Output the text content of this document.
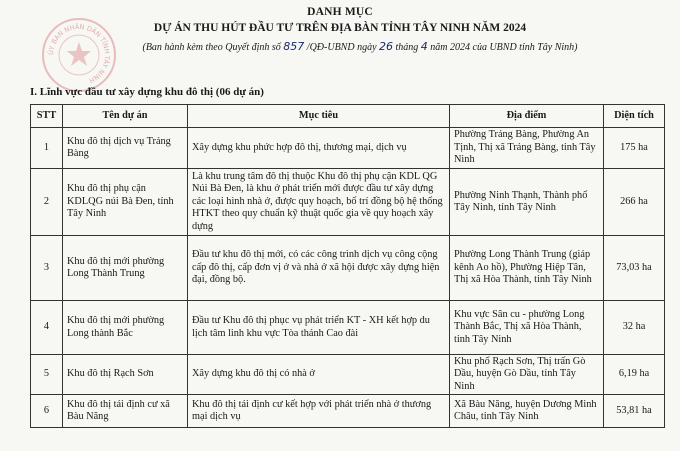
ỦY BAN NHÂN DÂN TỈNH TÂY NINH
DANH MỤC
DỰ ÁN THU HÚT ĐẦU TƯ TRÊN ĐỊA BÀN TỈNH TÂY NINH NĂM 2024
(Ban hành kèm theo Quyết định số 857 /QĐ-UBND ngày 26 tháng 4 năm 2024 của UBND tỉnh Tây Ninh)
I. Lĩnh vực đầu tư xây dựng khu đô thị (06 dự án)
STT	Tên dự án	Mục tiêu	Địa điểm	Diện tích
1	Khu đô thị dịch vụ Trảng Bàng	Xây dựng khu phức hợp đô thị, thương mại, dịch vụ	Phường Trảng Bàng, Phường An Tịnh, Thị xã Trảng Bàng, tỉnh Tây Ninh	175 ha
2	Khu đô thị phụ cận KDLQG núi Bà Đen, tỉnh Tây Ninh	Là khu trung tâm đô thị thuộc Khu đô thị phụ cận KDL QG Núi Bà Đen, là khu ở phát triển mới được đầu tư xây dựng các loại hình nhà ở, được quy hoạch, bố trí đồng bộ hệ thống HTKT theo quy chuẩn kỹ thuật quốc gia về quy hoạch xây dựng	Phường Ninh Thạnh, Thành phố Tây Ninh, tỉnh Tây Ninh	266 ha
3	Khu đô thị mới phường Long Thành Trung	Đầu tư khu đô thị mới, có các công trình dịch vụ công cộng cấp đô thị, cấp đơn vị ở và nhà ở xã hội được xây dựng hiện đại, đồng bộ.	Phường Long Thành Trung (giáp kênh Ao hồ), Phường Hiệp Tân, Thị xã Hòa Thành, tỉnh Tây Ninh	73,03 ha
4	Khu đô thị mới phường Long thành Bắc	Đầu tư Khu đô thị phục vụ phát triển KT - XH kết hợp du lịch tâm linh khu vực Tòa thánh Cao đài	Khu vực Sân cu - phường Long Thành Bắc, Thị xã Hòa Thành, tỉnh Tây Ninh	32 ha
5	Khu đô thị Rạch Sơn	Xây dựng khu đô thị có nhà ở	Khu phố Rạch Sơn, Thị trấn Gò Dầu, huyện Gò Dầu, tỉnh Tây Ninh	6,19 ha
6	Khu đô thị tái định cư xã Bàu Năng	Khu đô thị tái định cư kết hợp với phát triển nhà ở thương mại dịch vụ	Xã Bàu Năng, huyện Dương Minh Châu, tỉnh Tây Ninh	53,81 ha
